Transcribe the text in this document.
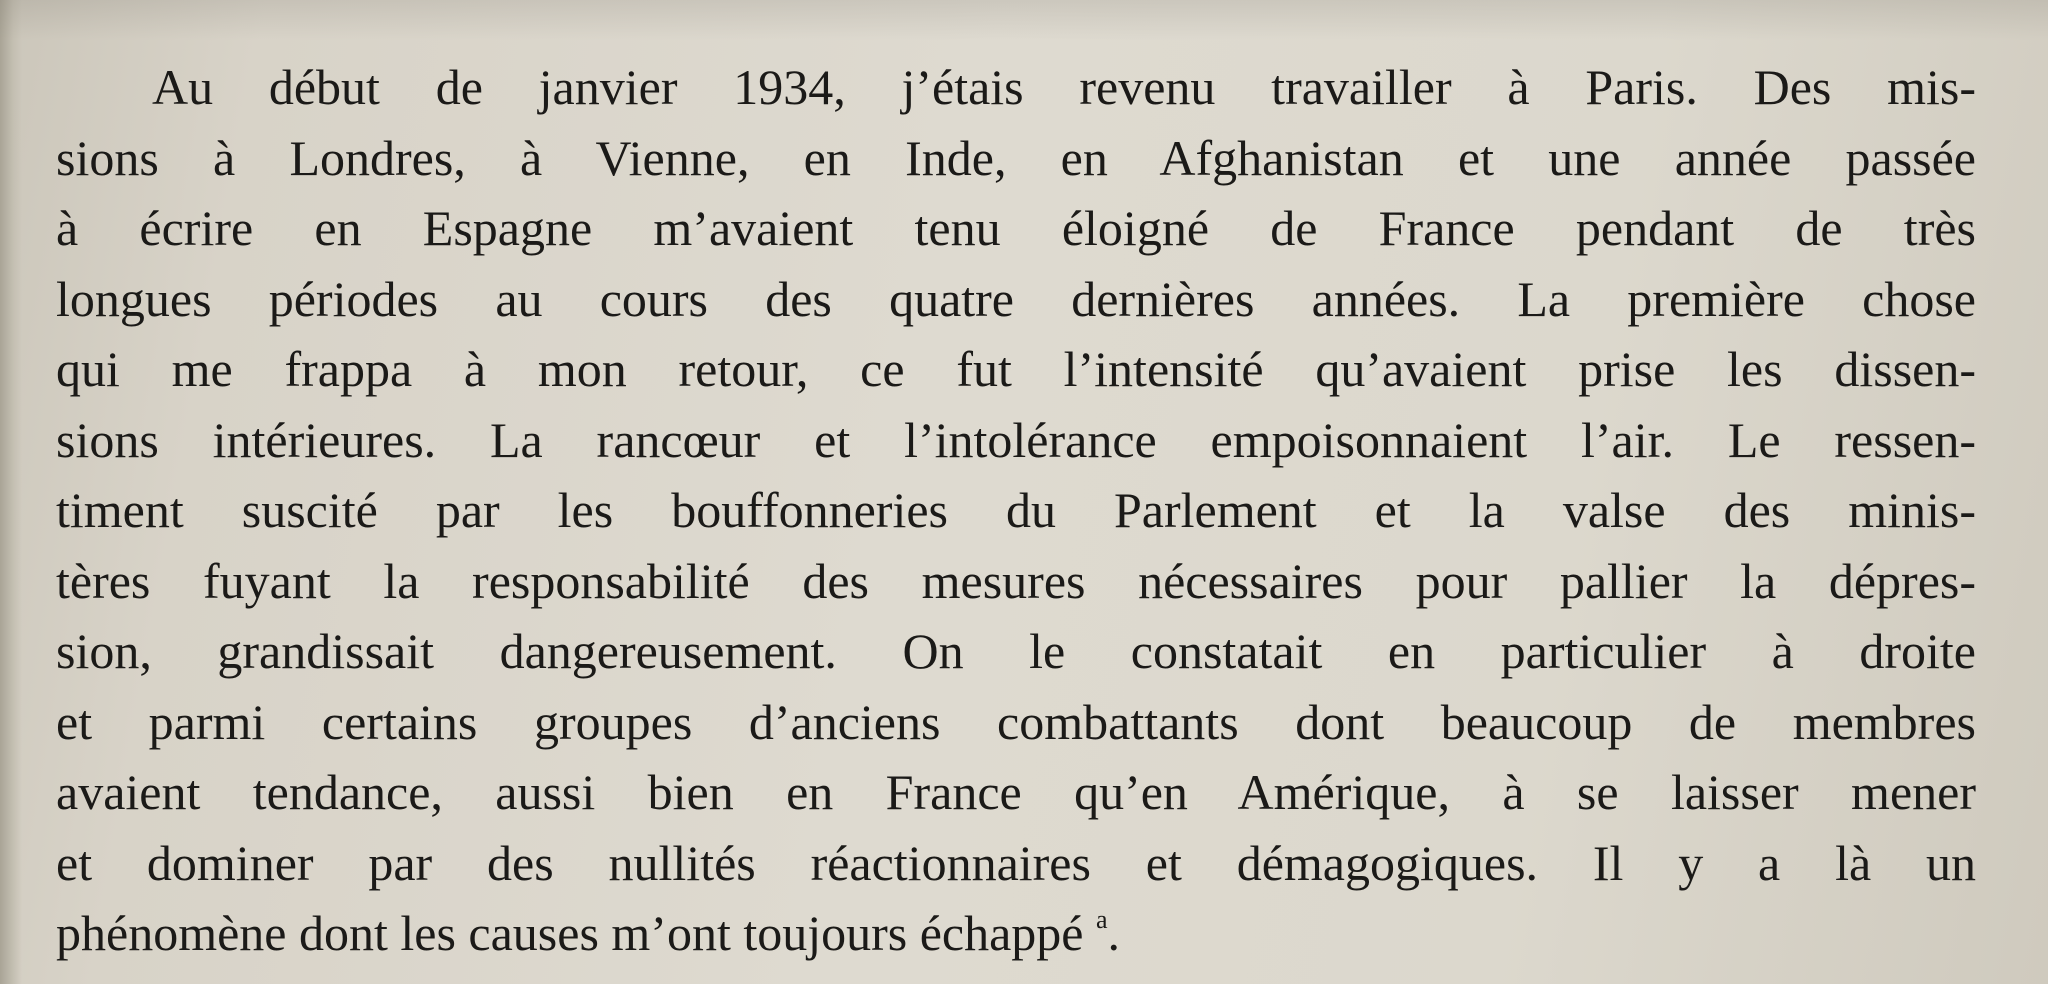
Au début de janvier 1934, j’étais revenu travailler à Paris. Des mis-
sions à Londres, à Vienne, en Inde, en Afghanistan et une année passée
à écrire en Espagne m’avaient tenu éloigné de France pendant de très
longues périodes au cours des quatre dernières années. La première chose
qui me frappa à mon retour, ce fut l’intensité qu’avaient prise les dissen-
sions intérieures. La rancœur et l’intolérance empoisonnaient l’air. Le ressen-
timent suscité par les bouffonneries du Parlement et la valse des minis-
tères fuyant la responsabilité des mesures nécessaires pour pallier la dépres-
sion, grandissait dangereusement. On le constatait en particulier à droite
et parmi certains groupes d’anciens combattants dont beaucoup de membres
avaient tendance, aussi bien en France qu’en Amérique, à se laisser mener
et dominer par des nullités réactionnaires et démagogiques. Il y a là un
phénomène dont les causes m’ont toujours échappé $^a$.
